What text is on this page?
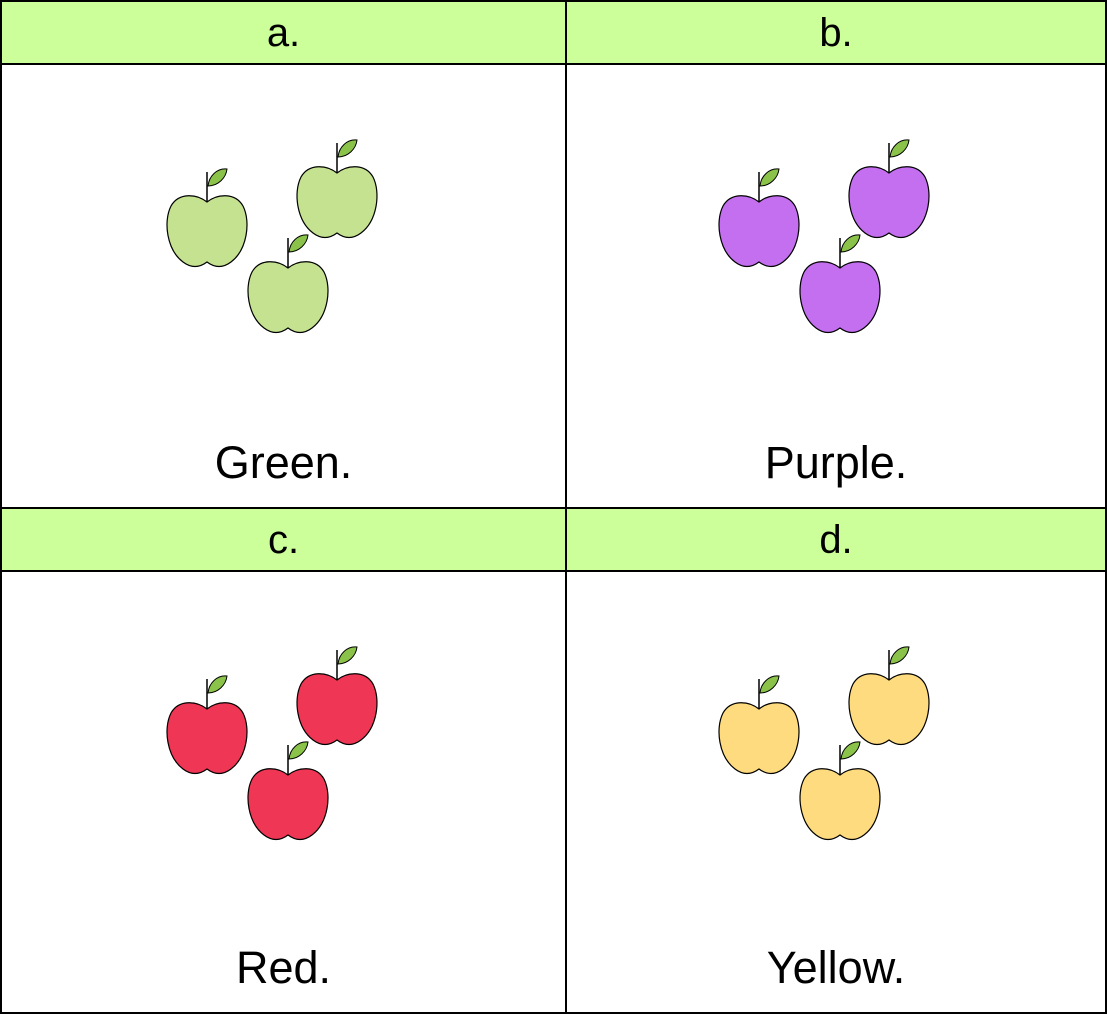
a.
Green.
b.
Purple.
c.
Red.
d.
Yellow.
